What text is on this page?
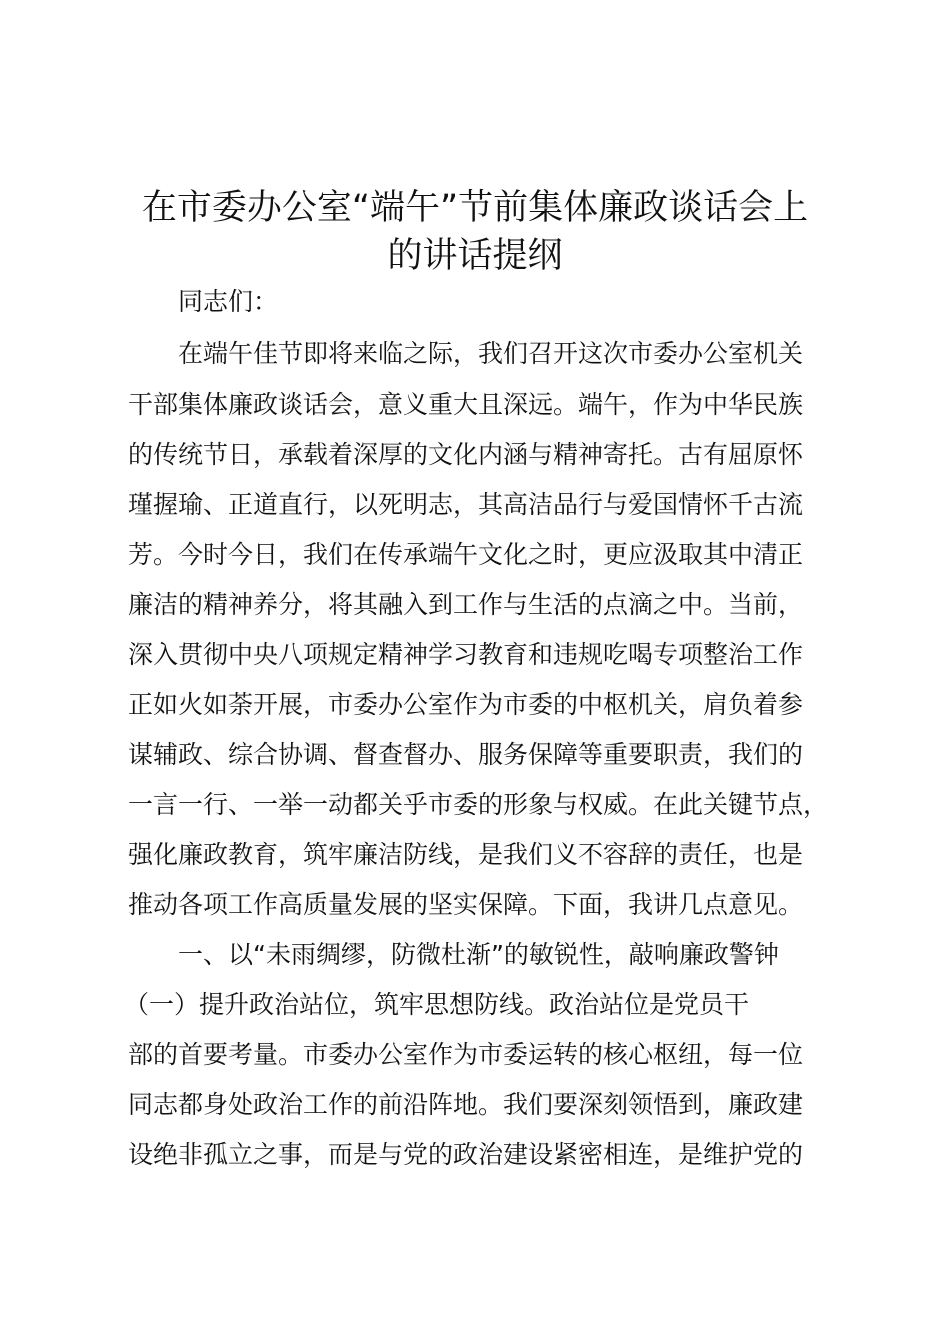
在市委办公室“端午”节前集体廉政谈话会上
的讲话提纲
同志们：
在端午佳节即将来临之际，我们召开这次市委办公室机关
干部集体廉政谈话会，意义重大且深远。端午，作为中华民族
的传统节日，承载着深厚的文化内涵与精神寄托。古有屈原怀
瑾握瑜、正道直行，以死明志，其高洁品行与爱国情怀千古流
芳。今时今日，我们在传承端午文化之时，更应汲取其中清正
廉洁的精神养分，将其融入到工作与生活的点滴之中。当前，
深入贯彻中央八项规定精神学习教育和违规吃喝专项整治工作
正如火如荼开展，市委办公室作为市委的中枢机关，肩负着参
谋辅政、综合协调、督查督办、服务保障等重要职责，我们的
一言一行、一举一动都关乎市委的形象与权威。在此关键节点，
强化廉政教育，筑牢廉洁防线，是我们义不容辞的责任，也是
推动各项工作高质量发展的坚实保障。下面，我讲几点意见。
一、以“未雨绸缪，防微杜渐”的敏锐性，敲响廉政警钟
（一）提升政治站位，筑牢思想防线。政治站位是党员干
部的首要考量。市委办公室作为市委运转的核心枢纽，每一位
同志都身处政治工作的前沿阵地。我们要深刻领悟到，廉政建
设绝非孤立之事，而是与党的政治建设紧密相连，是维护党的
